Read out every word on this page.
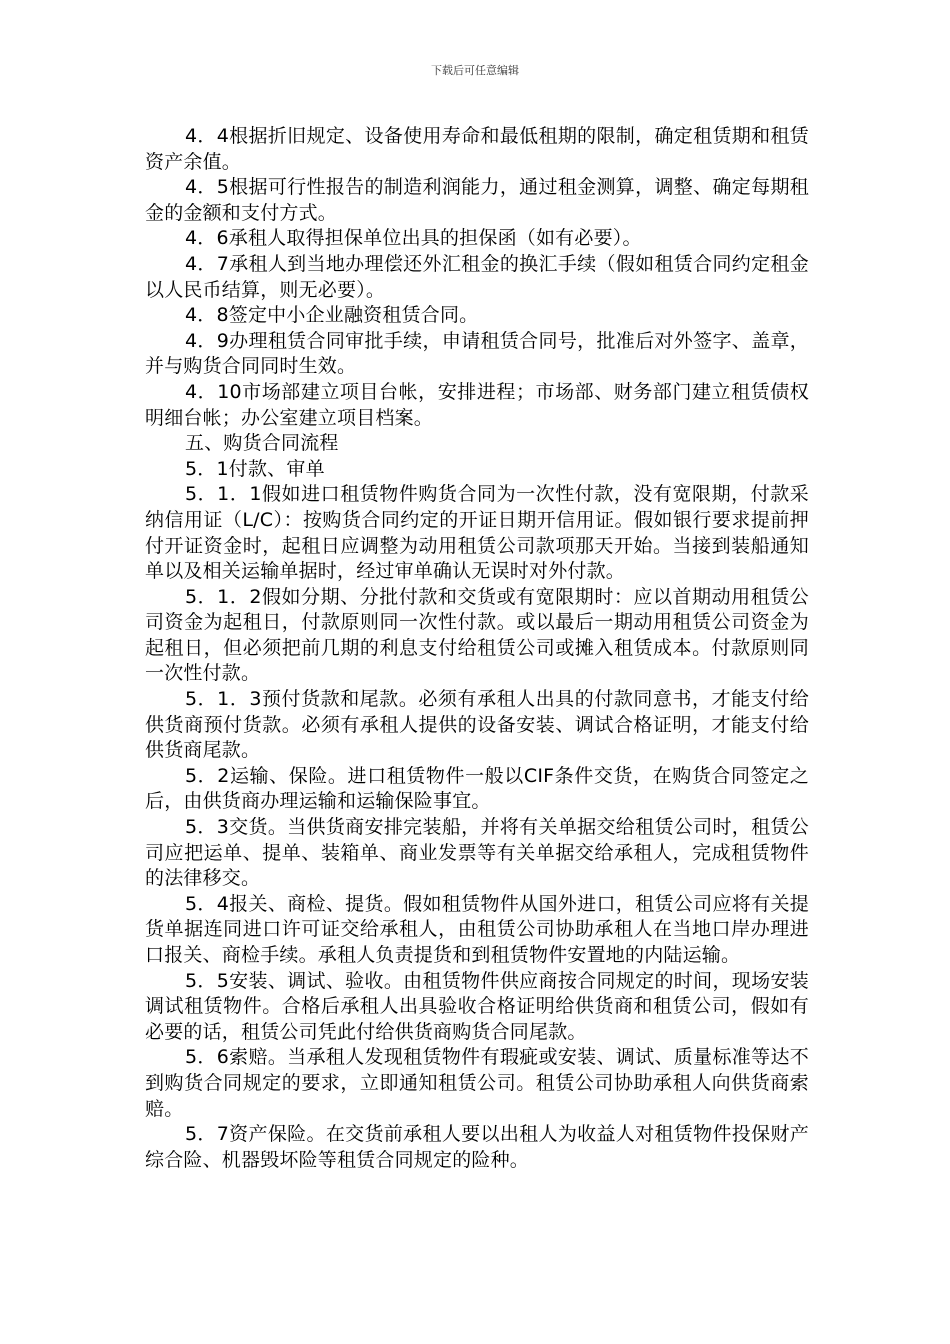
下载后可任意编辑

4．4根据折旧规定、设备使用寿命和最低租期的限制，确定租赁期和租赁资产余值。

4．5根据可行性报告的制造利润能力，通过租金测算，调整、确定每期租金的金额和支付方式。

4．6承租人取得担保单位出具的担保函（如有必要）。

4．7承租人到当地办理偿还外汇租金的换汇手续（假如租赁合同约定租金以人民币结算，则无必要）。

4．8签定中小企业融资租赁合同。

4．9办理租赁合同审批手续，申请租赁合同号，批准后对外签字、盖章，并与购货合同同时生效。

4．10市场部建立项目台帐，安排进程；市场部、财务部门建立租赁债权明细台帐；办公室建立项目档案。

五、购货合同流程

5．1付款、审单

5．1．1假如进口租赁物件购货合同为一次性付款，没有宽限期，付款采纳信用证（L/C）：按购货合同约定的开证日期开信用证。假如银行要求提前押付开证资金时，起租日应调整为动用租赁公司款项那天开始。当接到装船通知单以及相关运输单据时，经过审单确认无误时对外付款。

5．1．2假如分期、分批付款和交货或有宽限期时：应以首期动用租赁公司资金为起租日，付款原则同一次性付款。或以最后一期动用租赁公司资金为起租日，但必须把前几期的利息支付给租赁公司或摊入租赁成本。付款原则同一次性付款。

5．1．3预付货款和尾款。必须有承租人出具的付款同意书，才能支付给供货商预付货款。必须有承租人提供的设备安装、调试合格证明，才能支付给供货商尾款。

5．2运输、保险。进口租赁物件一般以CIF条件交货，在购货合同签定之后，由供货商办理运输和运输保险事宜。

5．3交货。当供货商安排完装船，并将有关单据交给租赁公司时，租赁公司应把运单、提单、装箱单、商业发票等有关单据交给承租人，完成租赁物件的法律移交。

5．4报关、商检、提货。假如租赁物件从国外进口，租赁公司应将有关提货单据连同进口许可证交给承租人，由租赁公司协助承租人在当地口岸办理进口报关、商检手续。承租人负责提货和到租赁物件安置地的内陆运输。

5．5安装、调试、验收。由租赁物件供应商按合同规定的时间，现场安装调试租赁物件。合格后承租人出具验收合格证明给供货商和租赁公司，假如有必要的话，租赁公司凭此付给供货商购货合同尾款。

5．6索赔。当承租人发现租赁物件有瑕疵或安装、调试、质量标准等达不到购货合同规定的要求，立即通知租赁公司。租赁公司协助承租人向供货商索赔。

5．7资产保险。在交货前承租人要以出租人为收益人对租赁物件投保财产综合险、机器毁坏险等租赁合同规定的险种。
